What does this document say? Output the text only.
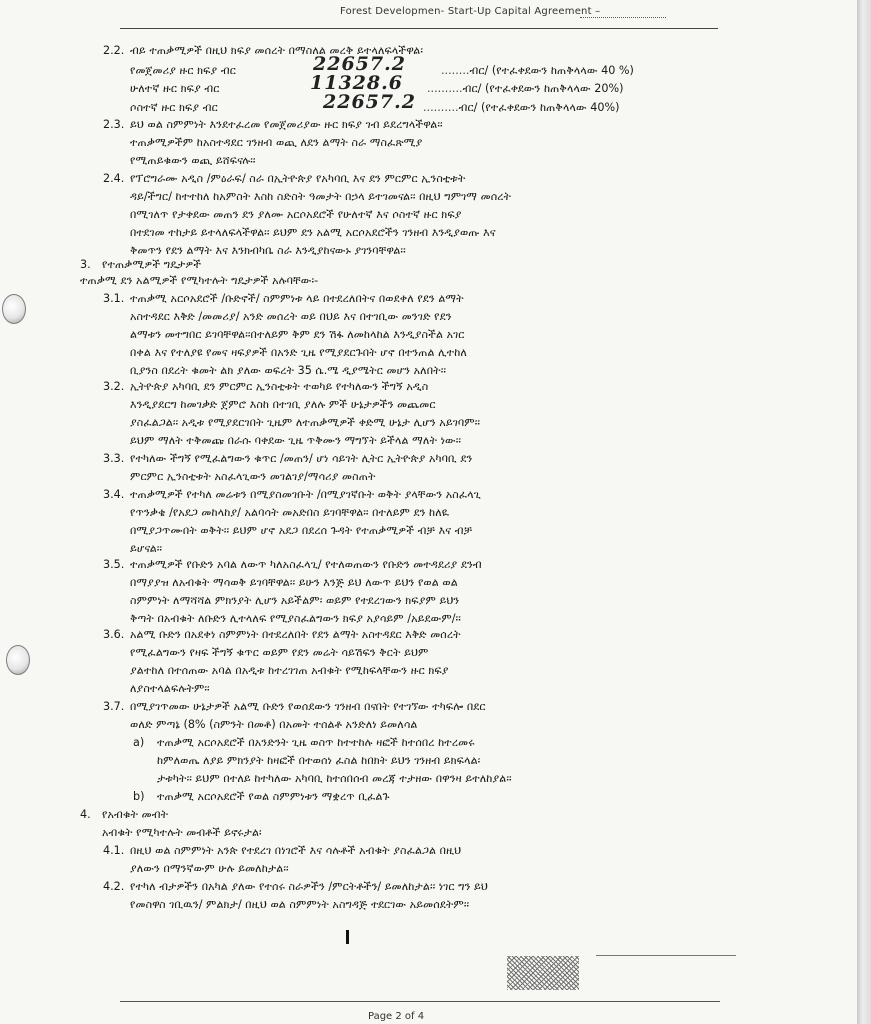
Forest Developmen- Start-Up Capital Agreement –
2.2. ብይ ተጠቃሚዎች በዚህ ክፍያ መሰረት በማስለል መረቅ ይተላለፍላችዋል፡
የመጀመሪያ ዙር ክፍያ ብር
ሁለተኛ ዙር ክፍያ ብር
ሶስተኛ ዙር ክፍያ ብር
2.3. ይህ ወል ስምምነት እንደተፈረመ የመጀመሪያው ዙር ክፍያ ገብ ይደረግላችዋል፡፡
ተጠቃሚዎችም ከአስተዳደር ገንዘብ ወጪ ለደን ልማት ስራ ማስፈጽሚያ
የሚጠይቁውን ወጪ ይሸፍናሉ፡፡
2.4. የፕሮግራሙ አዲስ /ምዕራፍ/ ስራ በኢትዮጵያ የአካባቢ እና ደን ምርምር ኢንስቲቱት
ዳይ/ችግር/ ከተተከለ ከአምስት እስከ ስድስት ዓመታት በኃላ ይተገመናል፡፡ በዚህ ግምገማ መሰረት
በሚገለጥ የታቀደው መጠን ደን ያለሙ አርሶአደሮች የሁለተኛ እና ሶስተኛ ዙር ክፍያ
በተደገመ ተከታይ ይተላለፍላችዋል፡፡ ይህም ደን አልሚ አርሶአደሮችን ገንዘብ እንዲያወጡ እና
ቅመጥን የደን ልማት እና እንክብካቤ ስራ እንዲያከናውኑ ያገንባቸዋል፡፡
3. የተጠቃሚዎች ግዴታዎች
ተጠቃሚ ደን አልሚዎች የሚካተሉት ግዴታዎች አሉባቸው፡-
3.1. ተጠቃሚ አርሶአደሮች /ቡድኖች/ ስምምነቱ ላይ በተደረለበትና በወደቀለ የደን ልማት
አስተዳደር እቅድ /መመሪያ/ አንድ መሰረት ወይ በህይ እና በተገቢው መንገድ የደን
ልማቱን መተግበር ይገባቸዋል፡፡በተለይም ቅም ደን ሽፋ ለመከላከል እንዲያስችል አገር
በቀል እና የተለያዩ የመና ዛፍያዎች በአንድ ጊዜ የሚያደርጉበት ሆኖ በተንጠል ሊተከለ
ቢያንስ በደረት ቁመት ልክ ያለው ወፍረት 35 ሴ.ሜ ዲያሜትር መሆን አለበት፡፡
3.2. ኢትዮጵያ አካባቢ ደን ምርምር ኢንስቲቱት ተወካይ የተካለውን ችግኝ አዲስ
እንዲያደርግ ከመገቃድ ጀምሮ እስከ በተገቢ ያለሉ ምች ሁኔታዎችን መጨመር
ያስፈልጋል፡፡ አዲቱ የሚያደርገበት ጊዜም ለተጠቃሚዎች ቀድሚ ሁኔታ ሊሆን አይገባም፡፡
ይህም ማለት ተቅመጩ በራሱ ባቀደው ጊዜ ጥቅሙን ማግኘት ይችላል ማለት ነው፡፡
3.3. የተካለው ችግኝ የሚፈልግውን ቁጥር /መጠን/ ሆነ ሳይገት ሊትር ኢትዮጵያ አካባቢ ደን
ምርምር ኢንስቲቱት አስፈላጊውን መገልገያ/ማሳሪያ መስጠት
3.4. ተጠቃሚዎች የተካለ መሬቱን በሚያስመገቡት /በሚያገኛቡት ወቅት ያላቸውን አስፈላጊ
የጥንቃቄ /የአደጋ መከላከያ/ አልባሳት መአድበስ ይገባቸዋል፡፡ በተለይም ደን ከለዪ
በሚያጋጥሙበት ወቅት፡፡ ይህም ሆኖ አደጋ በደረሰ ጉዳት የተጠቃሚዎች ብቻ እና ብቻ
ይሆናል፡፡
3.5. ተጠቃሚዎች የቡድን አባል ለውጥ ካለአስፈላጊ/ የተለወጠውን የቡድን መተዳደሪያ ደንብ
በማያያዝ ለአብቁት ማሳወቅ ይገባቸዋል፡፡ ይሁን እንጅ ይህ ለውጥ ይህን የወል ወል
ስምምነት ለማሻሻል ምክንያት ሊሆን አይችልም፡ ወይም የተደረገውን ክፍያም ይህን
ቅጣት በአብቁት ለቡድን ሊተላለፍ የሚያስፈልግውን ክፍያ አያሳይም /አይደውም/፡፡
3.6. አልሚ ቡድን በአደቀነ ስምምነት በተደረለበት የደን ልማት አስተዳደር እቅድ መሰረት
የሚፈልግውን የዛፍ ችግኝ ቁጥር ወይም የደን መሬት ሳይሽፍን ቅርት ይህም
ያልተከለ በተሰጠው አባል በአዲቱ ከተረገገጠ አብቁት የሚከፍላቸውን ዙር ክፍያ
ለያስተላልፍሉትም፡፡
3.7. በሚያገጥመው ሁኔታዎች አልሚ ቡድን የወሰደውን ገንዘብ በናበት የተገኘው ተካፍሎ በደር
ወለድ ምጣኔ (8% (ስምንት በመቶ) በአመት ተሰልቶ አንድለነ ይመለሳል
a) ተጠቃሚ አርሶአደሮች በአንድንት ጊዜ ወስጥ ከተተከሉ ዛፎች ከተሰበረ ከተረመሩ
ከምለወጤ ለያይ ምክንያት ከዛፎች በተወሰነ ፈስል ከበክት ይህን ገንዘብ ይክፍላል፡
ታቱካት፡፡ ይህም በተለይ ከተካለው አካባቢ ከተሰበሰብ መረጃ ተታዘው በዋንዛ ይተለከያል፡፡
b) ተጠቃሚ አርሶአደሮች የወል ስምምነቱን ማቋረጥ ቢፈልጉ
4. የአብቁት መብት
አብቁት የሚካተሉት መብቶች ይኖሩታል፡
4.1. በዚህ ወል ስምምነት አንጵ የተደረገ በነገሮች እና ሳሉቶች አብቁት ያስፈልጋል በዚህ
ያለውን በማንኛውም ሁሉ ይመለከታል፡፡
4.2. የተካለ ብታዎችን በአካል ያለው የተሰሩ ስራዎችን /ምርትቶችን/ ይመለከታል፡፡ ነገር ግን ይህ
የመስዋስ ገቢዉን/ ምልክታ/ በዚህ ወል ስምምነት አስግዳጅ ተደርገው አይመሰደትም፡፡
22657.2
11328.6
22657.2
........ብር/ (የተፈቀደውን ከጠቅላላው 40 %)
..........ብር/ (የተፈቀደውን ከጠቅላላው 20%)
..........ብር/ (የተፈቀደውን ከጠቅላላው 40%)
Page 2 of 4
